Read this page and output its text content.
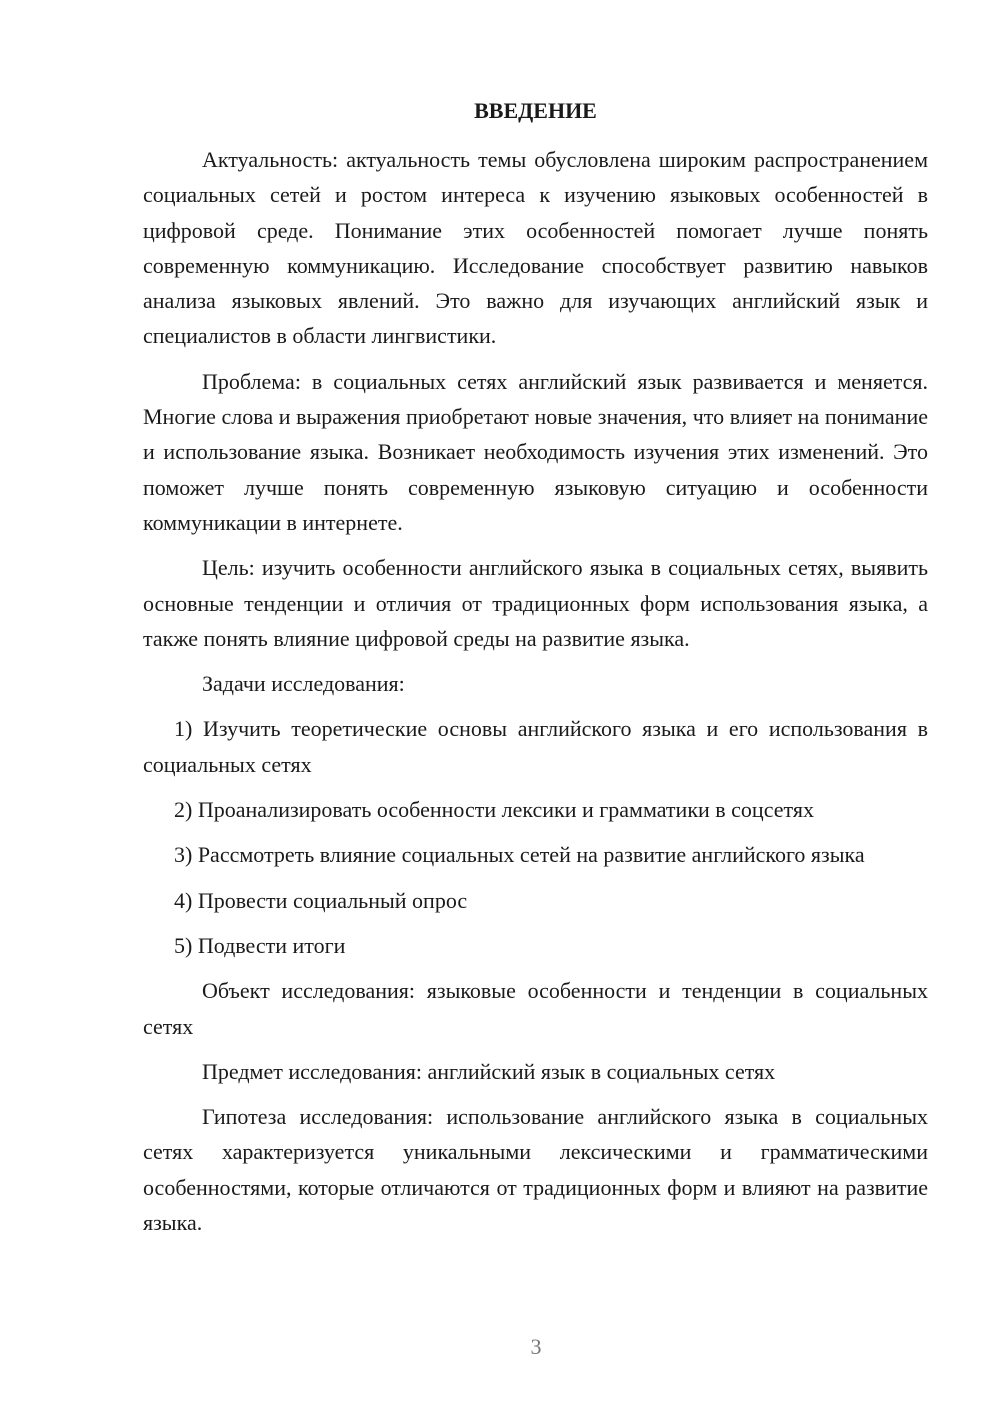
ВВЕДЕНИЕ

Актуальность: актуальность темы обусловлена широким распространением социальных сетей и ростом интереса к изучению языковых особенностей в цифровой среде. Понимание этих особенностей помогает лучше понять современную коммуникацию. Исследование способствует развитию навыков анализа языковых явлений. Это важно для изучающих английский язык и специалистов в области лингвистики.

Проблема: в социальных сетях английский язык развивается и меняется. Многие слова и выражения приобретают новые значения, что влияет на понимание и использование языка. Возникает необходимость изучения этих изменений. Это поможет лучше понять современную языковую ситуацию и особенности коммуникации в интернете.

Цель: изучить особенности английского языка в социальных сетях, выявить основные тенденции и отличия от традиционных форм использования языка, а также понять влияние цифровой среды на развитие языка.

Задачи исследования:

1) Изучить теоретические основы английского языка и его использования в социальных сетях

2) Проанализировать особенности лексики и грамматики в соцсетях

3) Рассмотреть влияние социальных сетей на развитие английского языка

4) Провести социальный опрос

5) Подвести итоги

Объект исследования: языковые особенности и тенденции в социальных сетях

Предмет исследования: английский язык в социальных сетях

Гипотеза исследования: использование английского языка в социальных сетях характеризуется уникальными лексическими и грамматическими особенностями, которые отличаются от традиционных форм и влияют на развитие языка.

3
